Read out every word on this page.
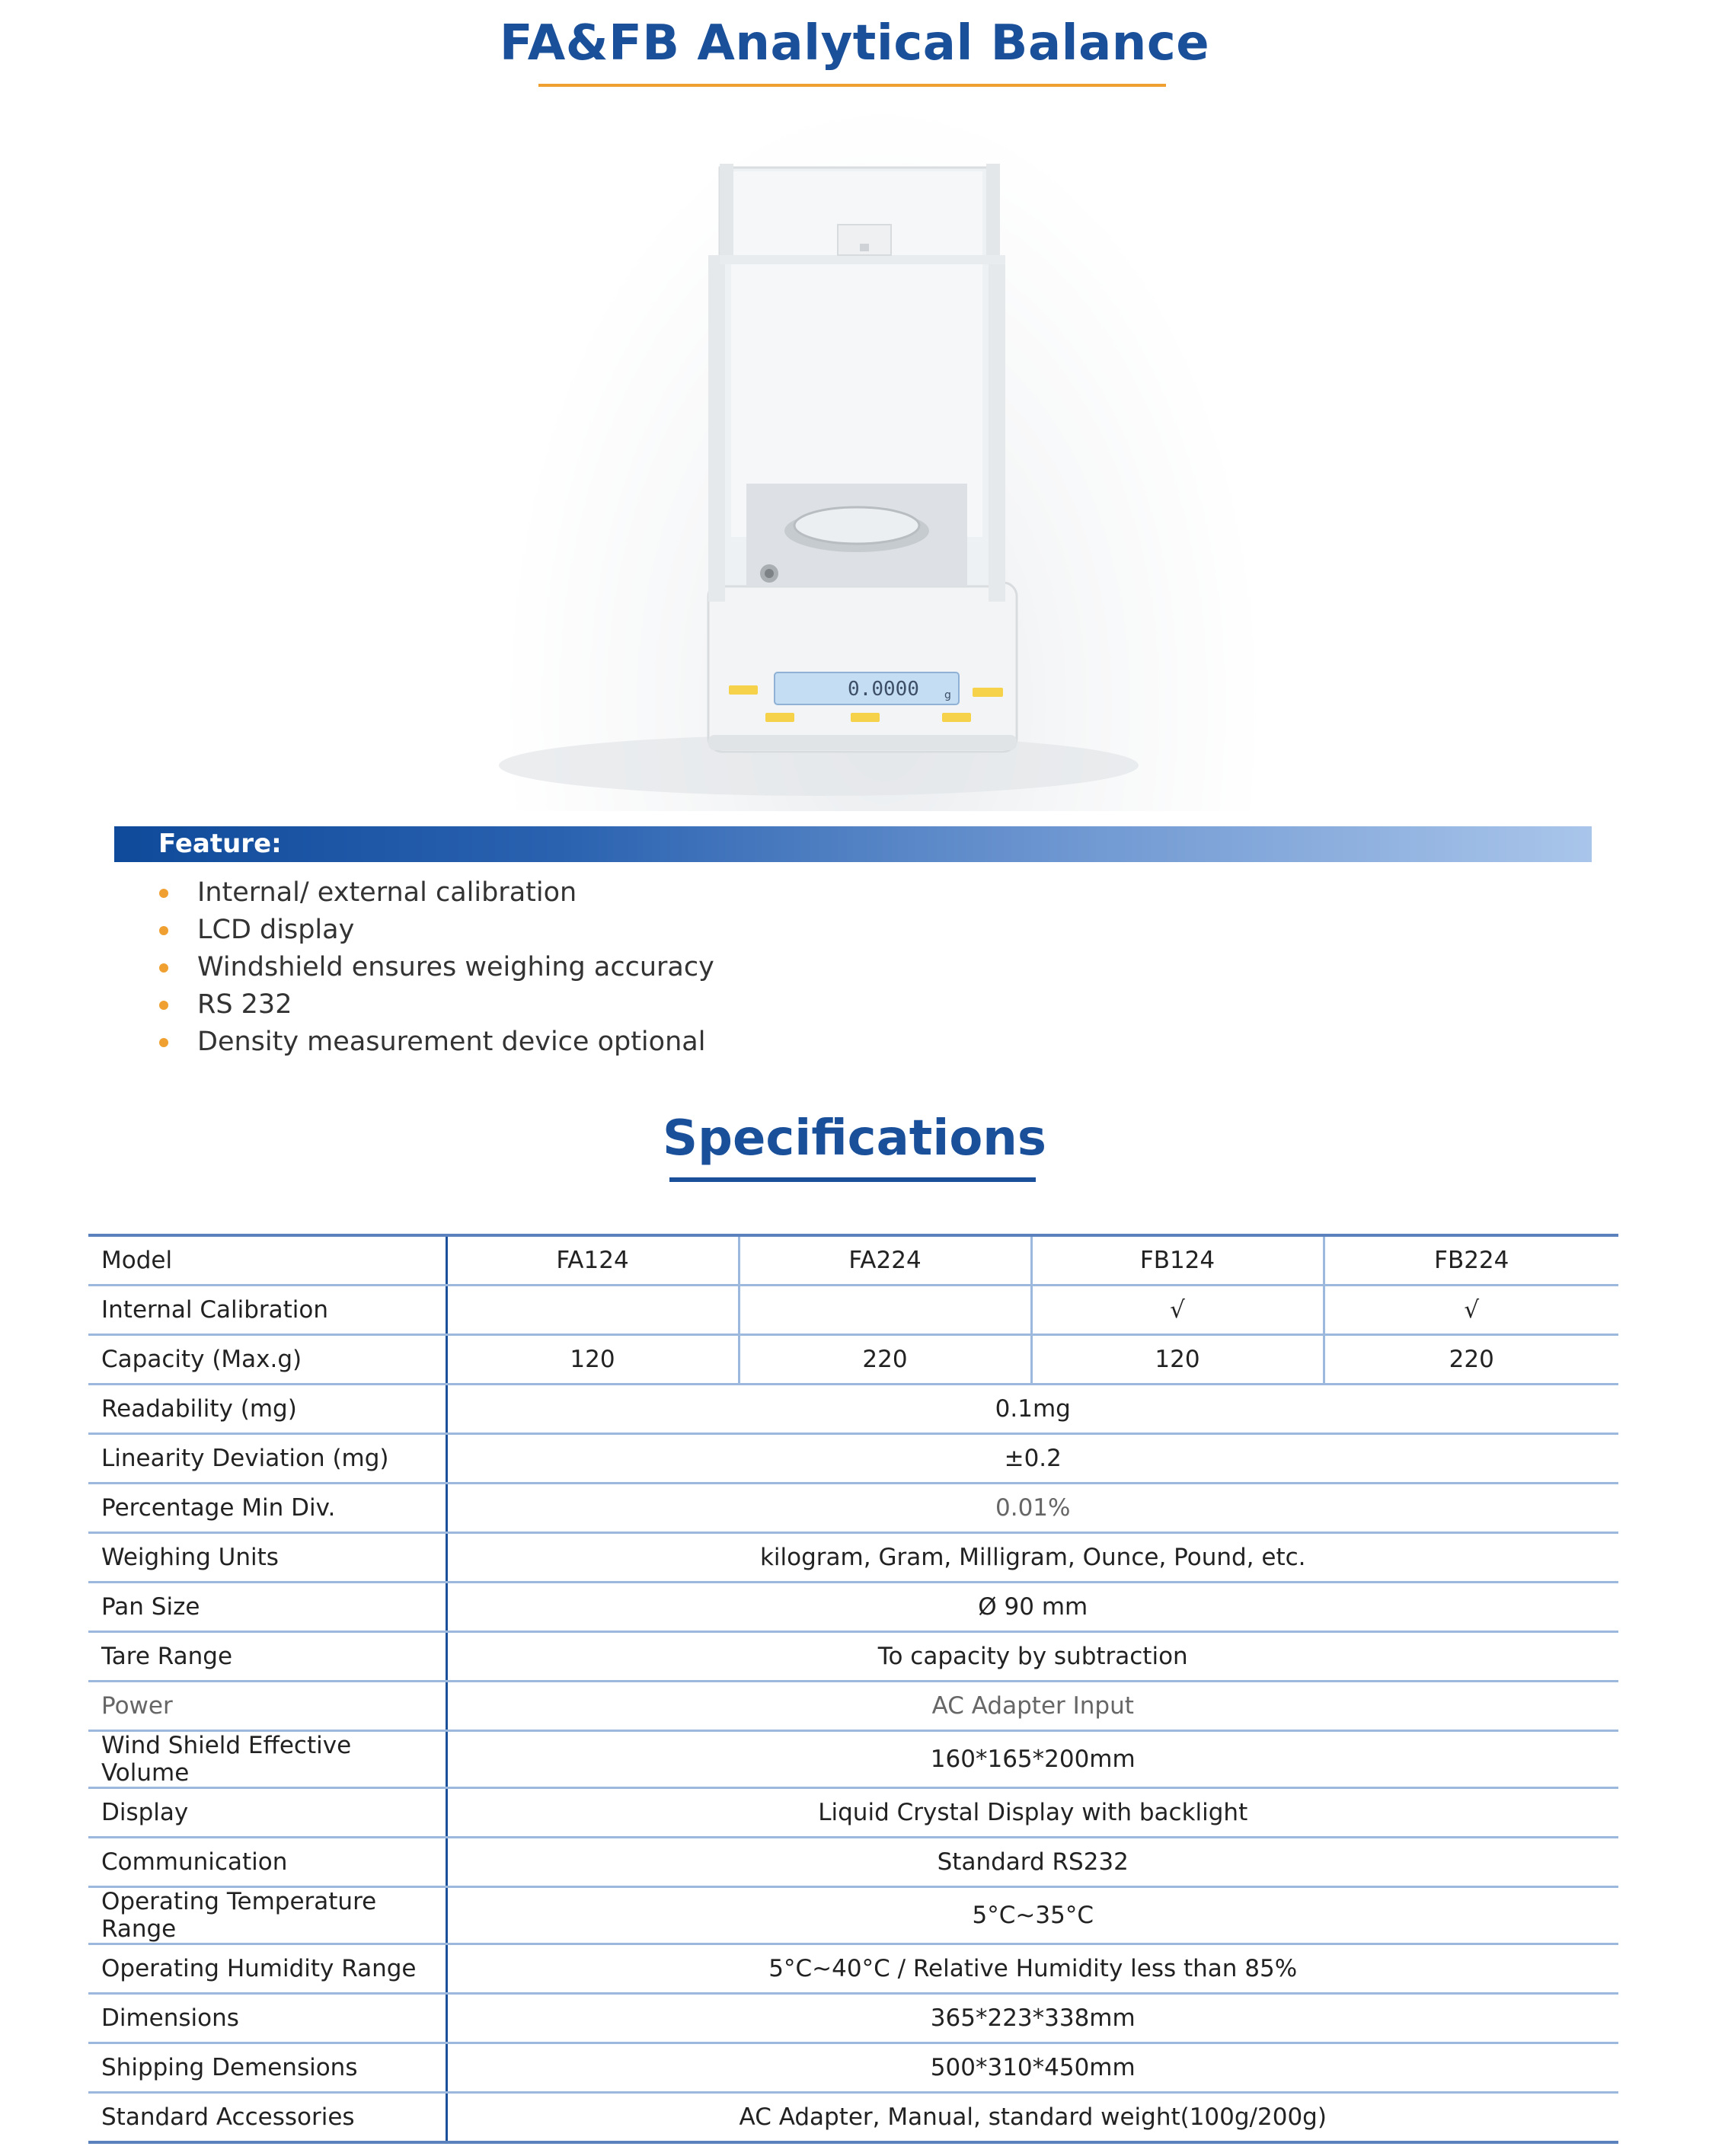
FA&FB Analytical Balance
0.0000 g
Feature:
Internal/ external calibration
LCD display
Windshield ensures weighing accuracy
RS 232
Density measurement device optional
Specifications
Model	FA124	FA224	FB124	FB224
Internal Calibration			√	√
Capacity (Max.g)	120	220	120	220
Readability (mg)	0.1mg			
Linearity Deviation (mg)	±0.2			
Percentage Min Div.	0.01%			
Weighing Units	kilogram, Gram, Milligram, Ounce, Pound, etc.			
Pan Size	Ø 90 mm			
Tare Range	To capacity by subtraction			
Power	AC Adapter Input			
Wind Shield Effective Volume	160*165*200mm			
Display	Liquid Crystal Display with backlight			
Communication	Standard RS232			
Operating Temperature Range	5°C~35°C			
Operating Humidity Range	5°C~40°C / Relative Humidity less than 85%			
Dimensions	365*223*338mm			
Shipping Demensions	500*310*450mm			
Standard Accessories	AC Adapter, Manual, standard weight(100g/200g)			
